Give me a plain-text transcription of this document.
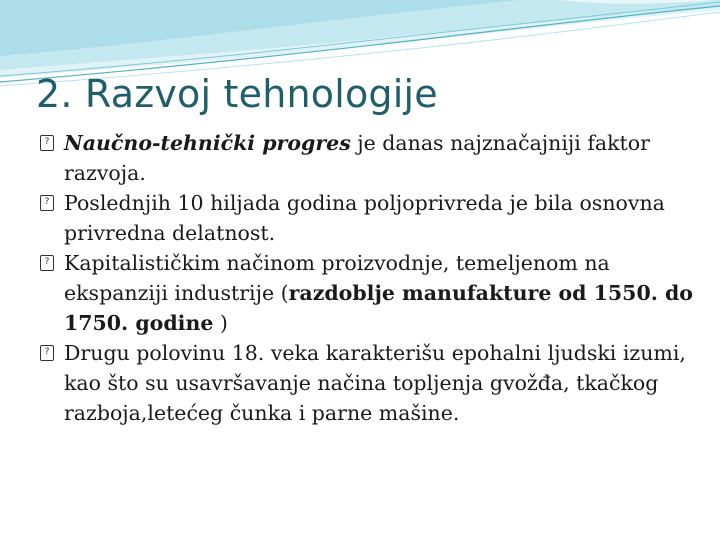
2. Razvoj tehnologije
? Naučno-tehnički progres je danas najznačajniji faktor razvoja.
? Poslednjih 10 hiljada godina poljoprivreda je bila osnovna privredna delatnost.
? Kapitalističkim načinom proizvodnje, temeljenom na ekspanziji industrije (razdoblje manufakture od 1550. do 1750. godine )
? Drugu polovinu 18. veka karakterišu epohalni ljudski izumi, kao što su usavršavanje načina topljenja gvožđa, tkačkog razboja,letećeg čunka i parne mašine.
